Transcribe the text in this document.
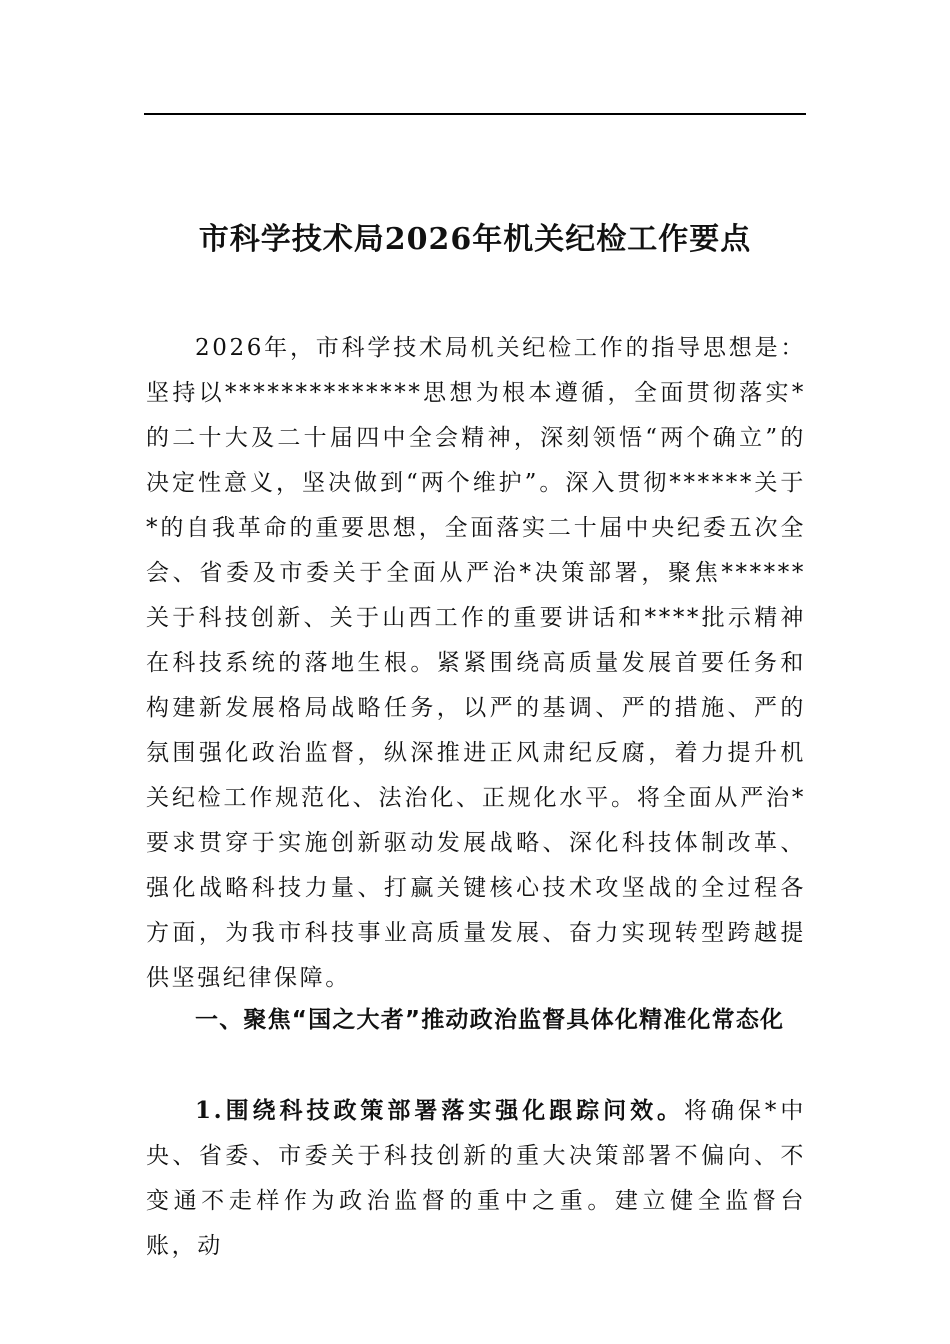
市科学技术局2026年机关纪检工作要点

2026年，市科学技术局机关纪检工作的指导思想是：坚持以**************思想为根本遵循，全面贯彻落实*的二十大及二十届四中全会精神，深刻领悟“两个确立”的决定性意义，坚决做到“两个维护”。深入贯彻******关于*的自我革命的重要思想，全面落实二十届中央纪委五次全会、省委及市委关于全面从严治*决策部署，聚焦******关于科技创新、关于山西工作的重要讲话和****批示精神在科技系统的落地生根。紧紧围绕高质量发展首要任务和构建新发展格局战略任务，以严的基调、严的措施、严的氛围强化政治监督，纵深推进正风肃纪反腐，着力提升机关纪检工作规范化、法治化、正规化水平。将全面从严治*要求贯穿于实施创新驱动发展战略、深化科技体制改革、强化战略科技力量、打赢关键核心技术攻坚战的全过程各方面，为我市科技事业高质量发展、奋力实现转型跨越提供坚强纪律保障。

一、聚焦“国之大者”推动政治监督具体化精准化常态化

1.围绕科技政策部署落实强化跟踪问效。将确保*中央、省委、市委关于科技创新的重大决策部署不偏向、不变通不走样作为政治监督的重中之重。建立健全监督台账，动
